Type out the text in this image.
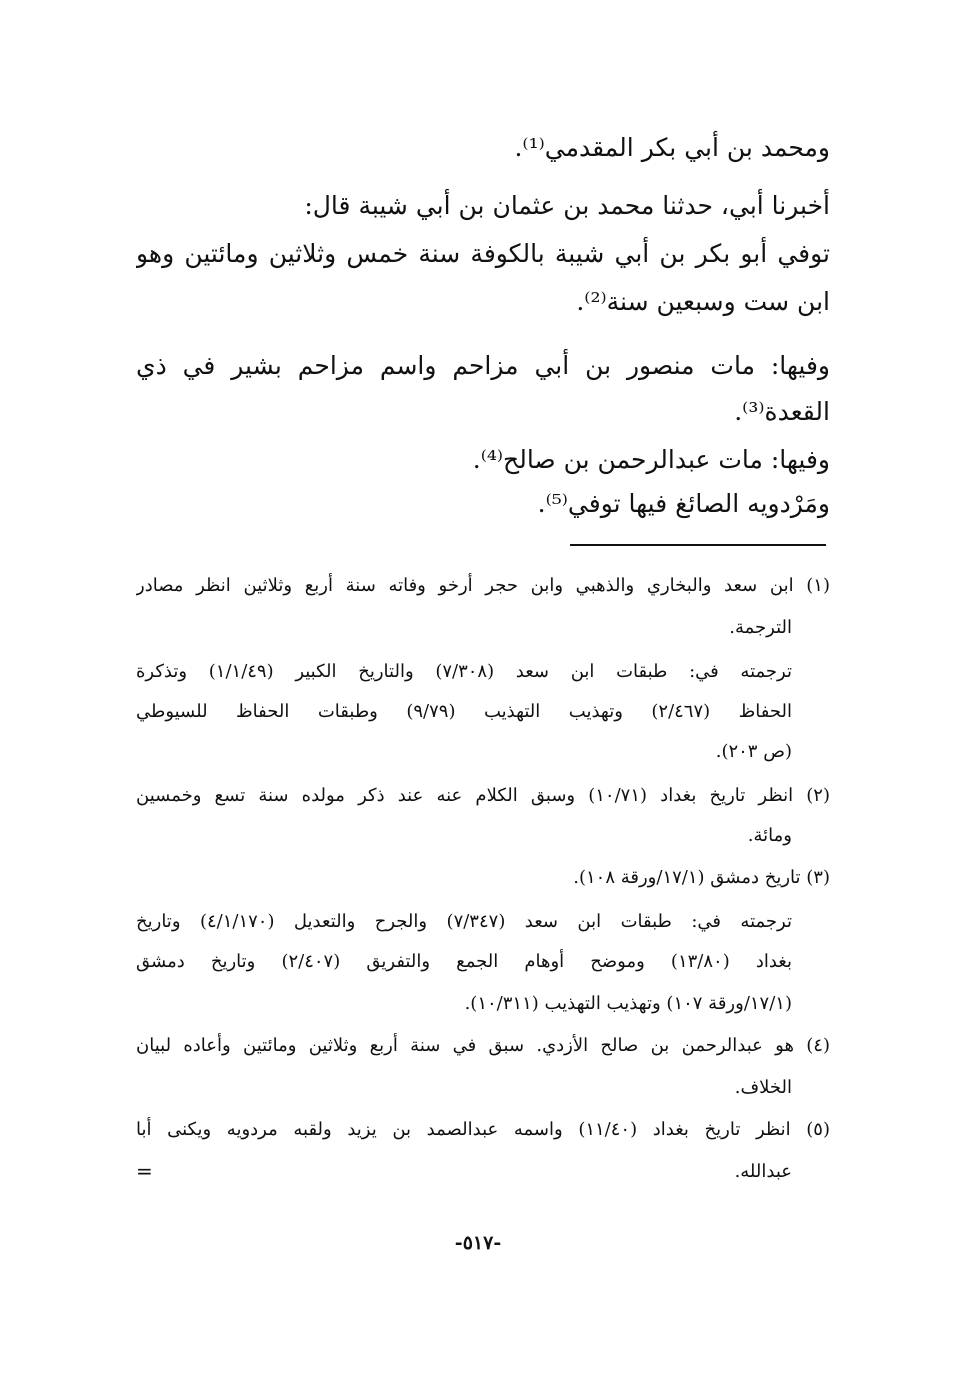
ومحمد بن أبي بكر المقدمي⁽¹⁾.
أخبرنا أبي، حدثنا محمد بن عثمان بن أبي شيبة قال:
توفي أبو بكر بن أبي شيبة بالكوفة سنة خمس وثلاثين ومائتين وهو
ابن ست وسبعين سنة⁽²⁾.
وفيها: مات منصور بن أبي مزاحم واسم مزاحم بشير في ذي
القعدة⁽³⁾.
وفيها: مات عبدالرحمن بن صالح⁽⁴⁾.
ومَرْدويه الصائغ فيها توفي⁽⁵⁾.
(١) ابن سعد والبخاري والذهبي وابن حجر أرخو وفاته سنة أربع وثلاثين انظر مصادر
الترجمة.
ترجمته في: طبقات ابن سعد (٧/٣٠٨) والتاريخ الكبير (١/١/٤٩) وتذكرة
الحفاظ (٢/٤٦٧) وتهذيب التهذيب (٩/٧٩) وطبقات الحفاظ للسيوطي
(ص ٢٠٣).
(٢) انظر تاريخ بغداد (١٠/٧١) وسبق الكلام عنه عند ذكر مولده سنة تسع وخمسين
ومائة.
(٣) تاريخ دمشق (١٧/١/ورقة ١٠٨).
ترجمته في: طبقات ابن سعد (٧/٣٤٧) والجرح والتعديل (٤/١/١٧٠) وتاريخ
بغداد (١٣/٨٠) وموضح أوهام الجمع والتفريق (٢/٤٠٧) وتاريخ دمشق
(١٧/١/ورقة ١٠٧) وتهذيب التهذيب (١٠/٣١١).
(٤) هو عبدالرحمن بن صالح الأزدي. سبق في سنة أربع وثلاثين ومائتين وأعاده لبيان
الخلاف.
(٥) انظر تاريخ بغداد (١١/٤٠) واسمه عبدالصمد بن يزيد ولقبه مردويه ويكنى أبا
عبدالله.
=
-٥١٧-
